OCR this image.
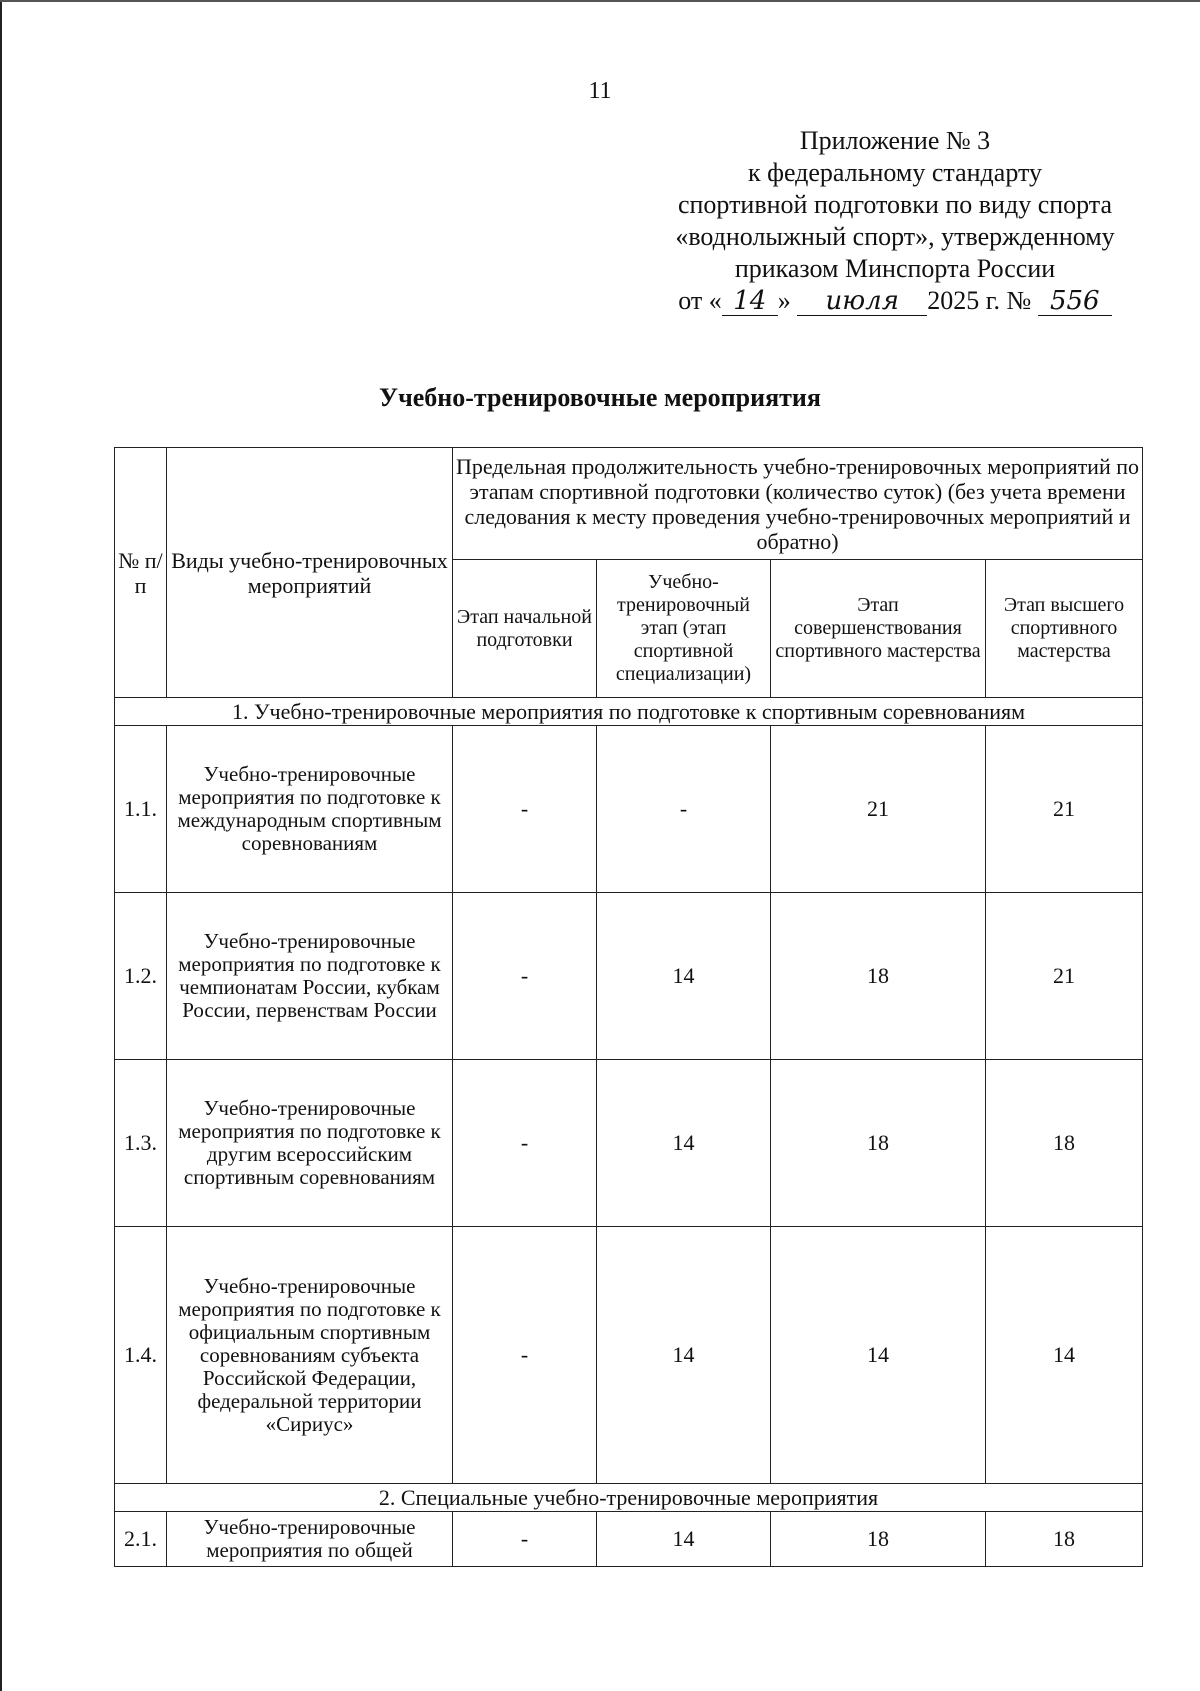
11
Приложение № 3
к федеральному стандарту
спортивной подготовки по виду спорта
«воднолыжный спорт», утвержденному
приказом Минспорта России
от « 14 » июля 2025 г. № 556
Учебно-тренировочные мероприятия
№ п/п	Виды учебно-тренировочных мероприятий	Предельная продолжительность учебно-тренировочных мероприятий по этапам спортивной подготовки (количество суток) (без учета времени следования к месту проведения учебно-тренировочных мероприятий и обратно)			
		Этап начальной подготовки	Учебно-тренировочный этап (этап спортивной специализации)	Этап совершенствования спортивного мастерства	Этап высшего спортивного мастерства
1. Учебно-тренировочные мероприятия по подготовке к спортивным соревнованиям					
1.1.	Учебно-тренировочные мероприятия по подготовке к международным спортивным соревнованиям	-	-	21	21
1.2.	Учебно-тренировочные мероприятия по подготовке к чемпионатам России, кубкам России, первенствам России	-	14	18	21
1.3.	Учебно-тренировочные мероприятия по подготовке к другим всероссийским спортивным соревнованиям	-	14	18	18
1.4.	Учебно-тренировочные мероприятия по подготовке к официальным спортивным соревнованиям субъекта Российской Федерации, федеральной территории «Сириус»	-	14	14	14
2. Специальные учебно-тренировочные мероприятия					
2.1.	Учебно-тренировочные мероприятия по общей	-	14	18	18
